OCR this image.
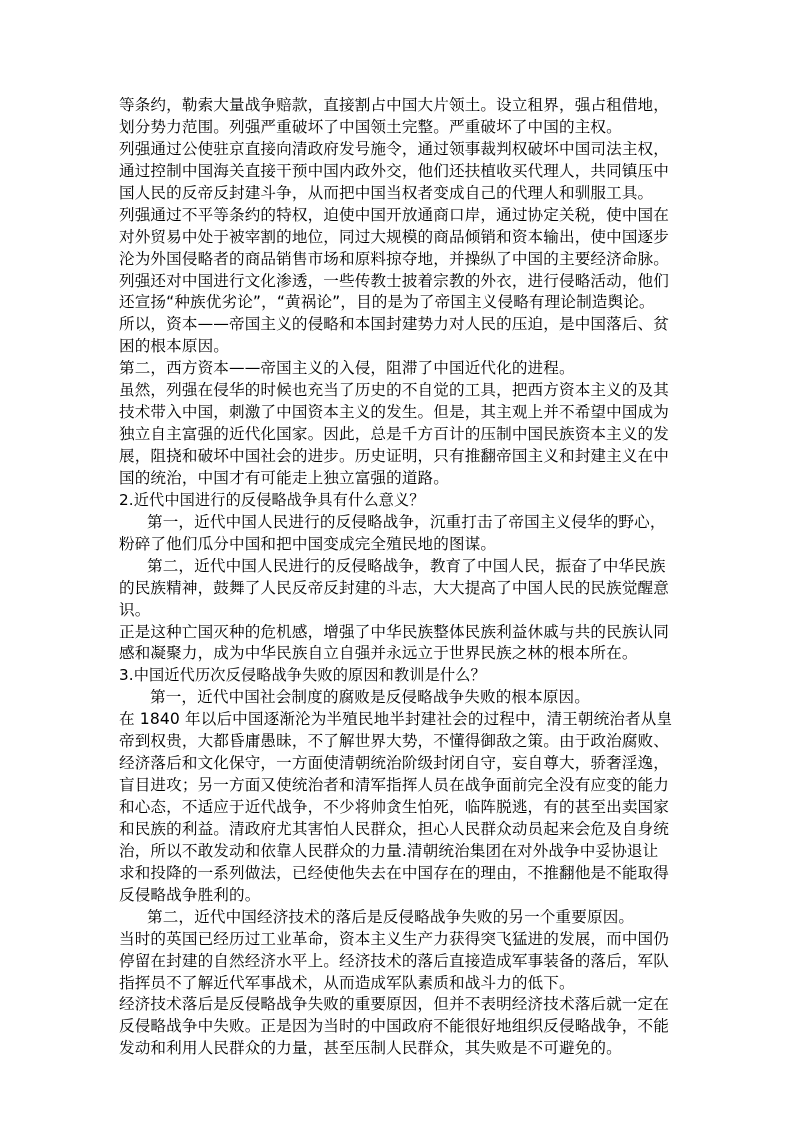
等条约，勒索大量战争赔款，直接割占中国大片领土。设立租界，强占租借地，
划分势力范围。列强严重破坏了中国领土完整。严重破坏了中国的主权。
列强通过公使驻京直接向清政府发号施令，通过领事裁判权破坏中国司法主权，
通过控制中国海关直接干预中国内政外交，他们还扶植收买代理人，共同镇压中
国人民的反帝反封建斗争，从而把中国当权者变成自己的代理人和驯服工具。
列强通过不平等条约的特权，迫使中国开放通商口岸，通过协定关税，使中国在
对外贸易中处于被宰割的地位，同过大规模的商品倾销和资本输出，使中国逐步
沦为外国侵略者的商品销售市场和原料掠夺地，并操纵了中国的主要经济命脉。
列强还对中国进行文化渗透，一些传教士披着宗教的外衣，进行侵略活动，他们
还宣扬“种族优劣论”，“黄祸论”，目的是为了帝国主义侵略有理论制造舆论。
所以，资本——帝国主义的侵略和本国封建势力对人民的压迫，是中国落后、贫
困的根本原因。
第二，西方资本——帝国主义的入侵，阻滞了中国近代化的进程。
虽然，列强在侵华的时候也充当了历史的不自觉的工具，把西方资本主义的及其
技术带入中国，刺激了中国资本主义的发生。但是，其主观上并不希望中国成为
独立自主富强的近代化国家。因此，总是千方百计的压制中国民族资本主义的发
展，阻挠和破坏中国社会的进步。历史证明，只有推翻帝国主义和封建主义在中
国的统治，中国才有可能走上独立富强的道路。
2.近代中国进行的反侵略战争具有什么意义？
第一，近代中国人民进行的反侵略战争，沉重打击了帝国主义侵华的野心，
粉碎了他们瓜分中国和把中国变成完全殖民地的图谋。
第二，近代中国人民进行的反侵略战争，教育了中国人民，振奋了中华民族
的民族精神，鼓舞了人民反帝反封建的斗志，大大提高了中国人民的民族觉醒意
识。
正是这种亡国灭种的危机感，增强了中华民族整体民族利益休戚与共的民族认同
感和凝聚力，成为中华民族自立自强并永远立于世界民族之林的根本所在。
3.中国近代历次反侵略战争失败的原因和教训是什么？
第一，近代中国社会制度的腐败是反侵略战争失败的根本原因。
在 1840 年以后中国逐渐沦为半殖民地半封建社会的过程中，清王朝统治者从皇
帝到权贵，大都昏庸愚昧，不了解世界大势，不懂得御敌之策。由于政治腐败、
经济落后和文化保守，一方面使清朝统治阶级封闭自守，妄自尊大，骄奢淫逸，
盲目进攻；另一方面又使统治者和清军指挥人员在战争面前完全没有应变的能力
和心态，不适应于近代战争，不少将帅贪生怕死，临阵脱逃，有的甚至出卖国家
和民族的利益。清政府尤其害怕人民群众，担心人民群众动员起来会危及自身统
治，所以不敢发动和依靠人民群众的力量.清朝统治集团在对外战争中妥协退让
求和投降的一系列做法，已经使他失去在中国存在的理由，不推翻他是不能取得
反侵略战争胜利的。
第二，近代中国经济技术的落后是反侵略战争失败的另一个重要原因。
当时的英国已经历过工业革命，资本主义生产力获得突飞猛进的发展，而中国仍
停留在封建的自然经济水平上。经济技术的落后直接造成军事装备的落后，军队
指挥员不了解近代军事战术，从而造成军队素质和战斗力的低下。
经济技术落后是反侵略战争失败的重要原因，但并不表明经济技术落后就一定在
反侵略战争中失败。正是因为当时的中国政府不能很好地组织反侵略战争，不能
发动和利用人民群众的力量，甚至压制人民群众，其失败是不可避免的。
